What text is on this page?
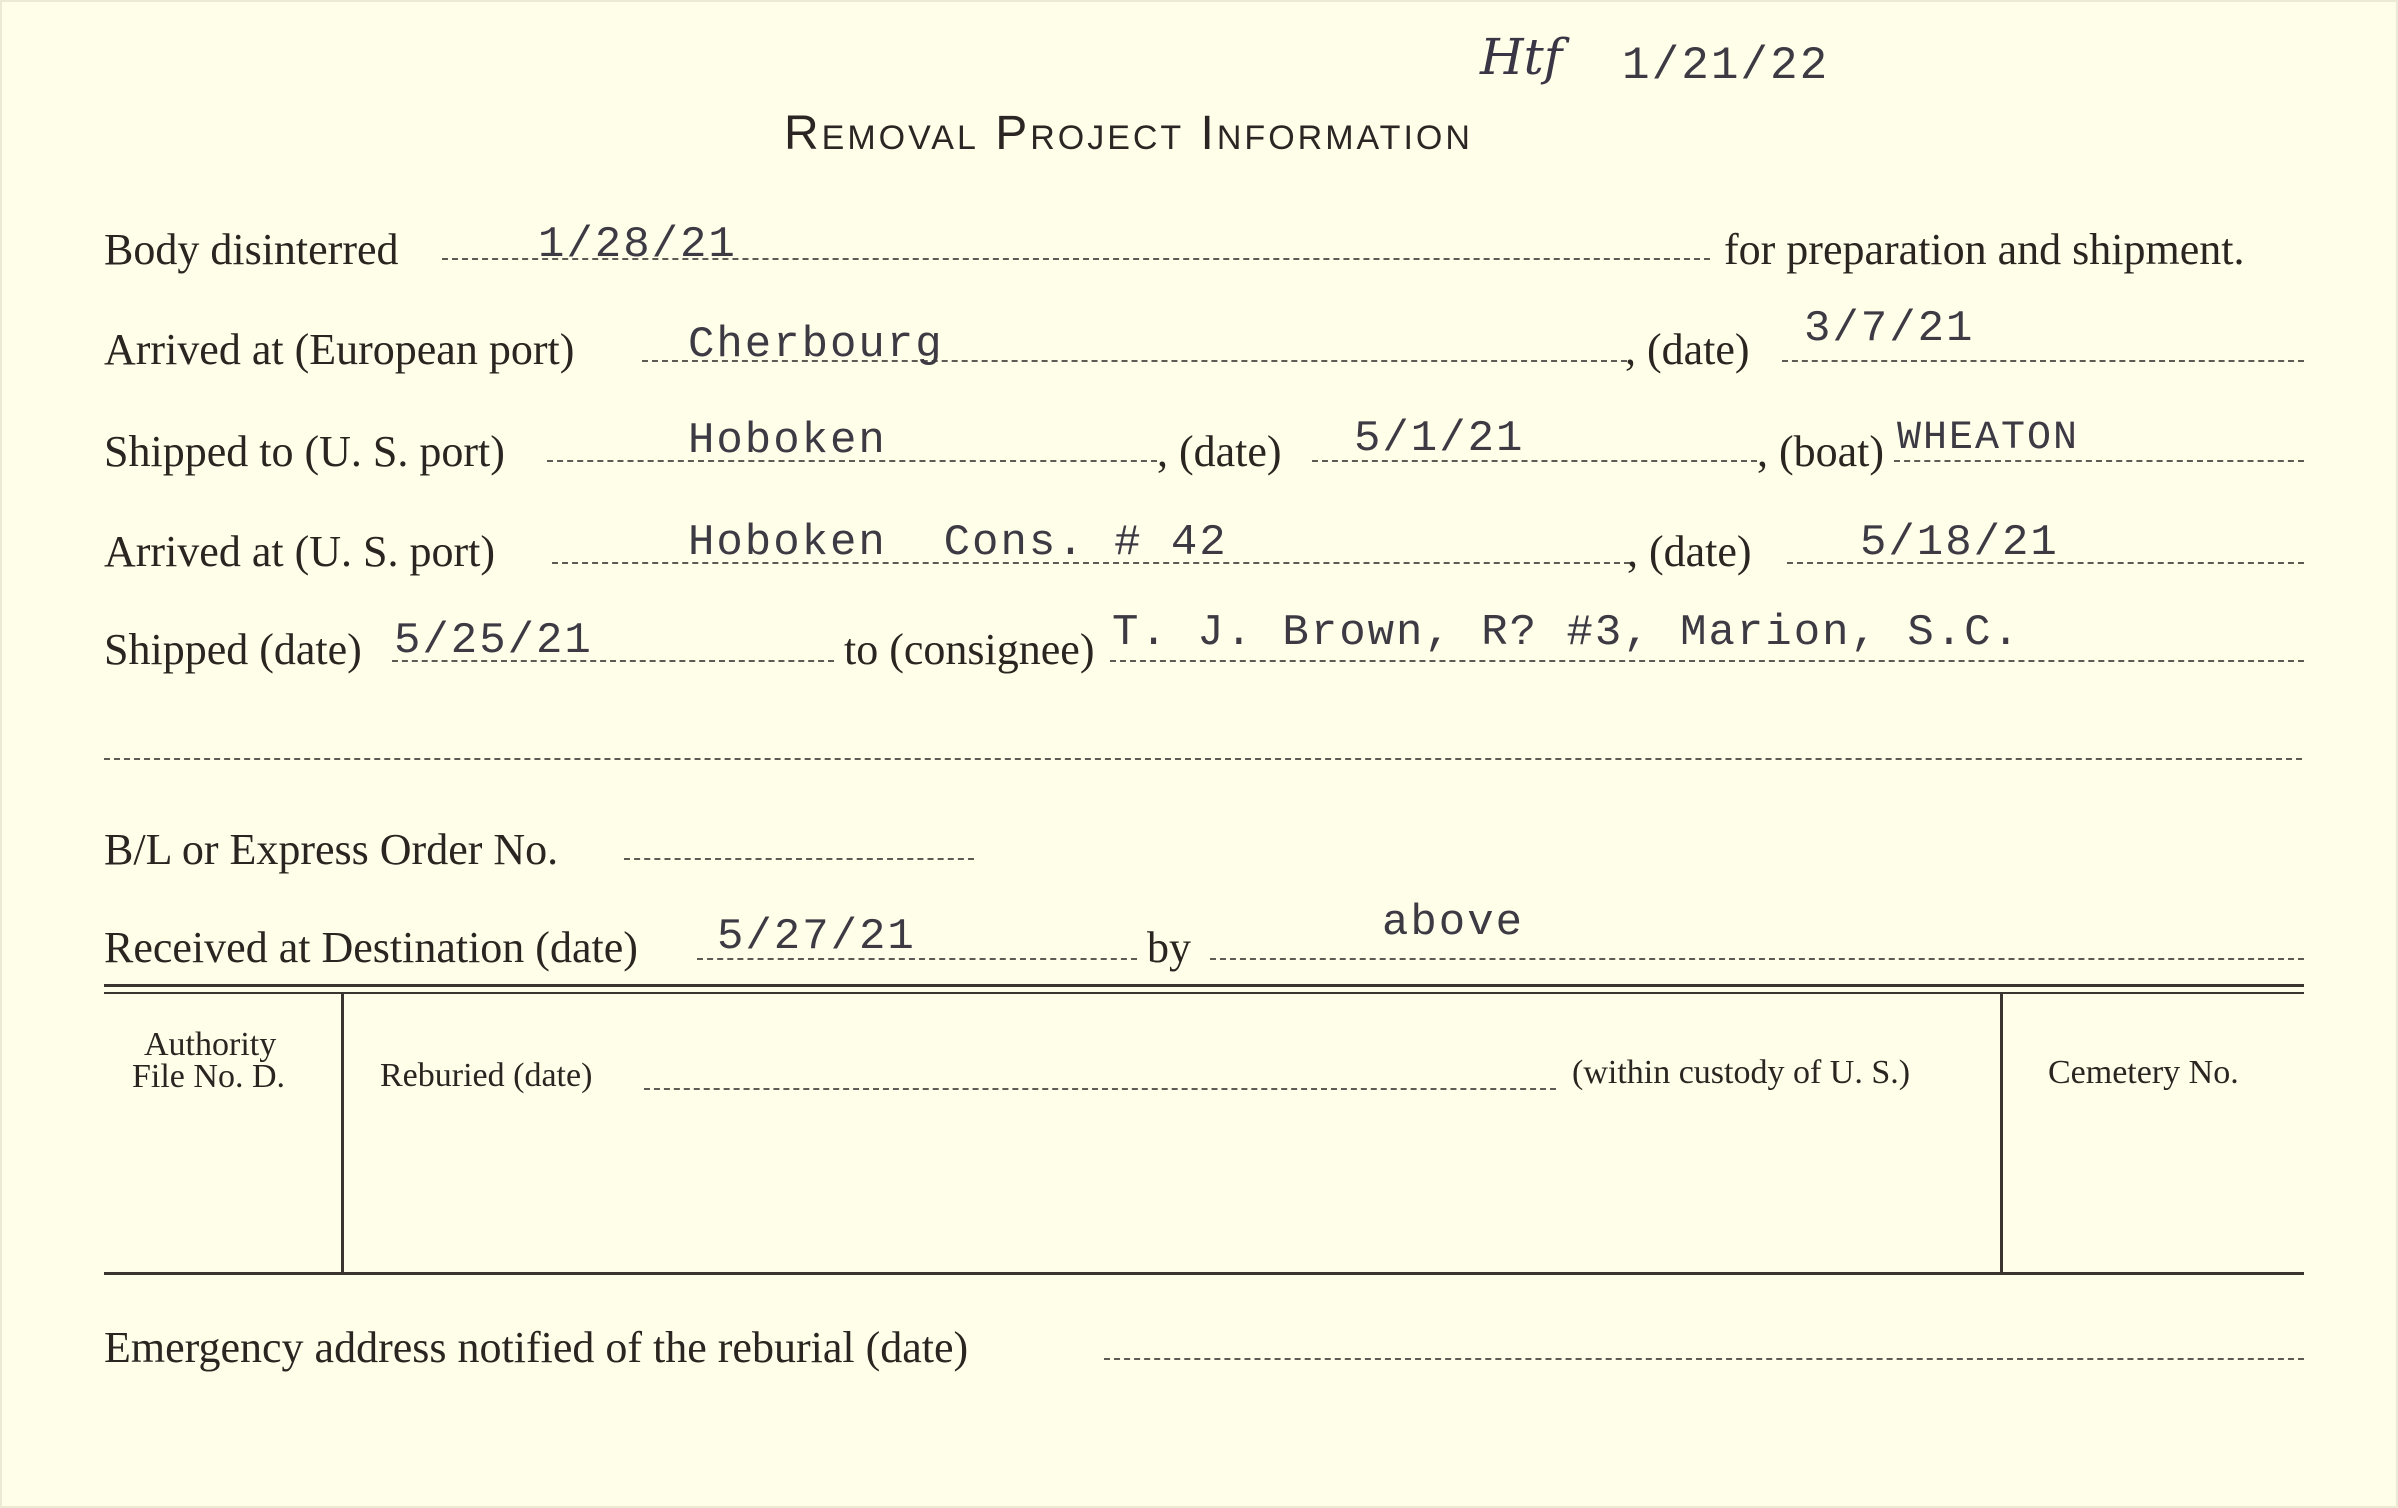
Htf 1/21/22
Removal Project Information
Body disinterred	1/28/21	for preparation and shipment.
Arrived at (European port)	Cherbourg	, (date) 3/7/21
Shipped to (U. S. port)	Hoboken	, (date) 5/1/21	, (boat) WHEATON
Arrived at (U. S. port)	Hoboken  Cons. # 42	, (date) 5/18/21
Shipped (date) 5/25/21	to (consignee) T. J. Brown, R? #3, Marion, S.C.
B/L or Express Order No.
Received at Destination (date) 5/27/21	by	above
Authority
File No. D.	Reburied (date)	(within custody of U. S.)	Cemetery No.
Emergency address notified of the reburial (date)
